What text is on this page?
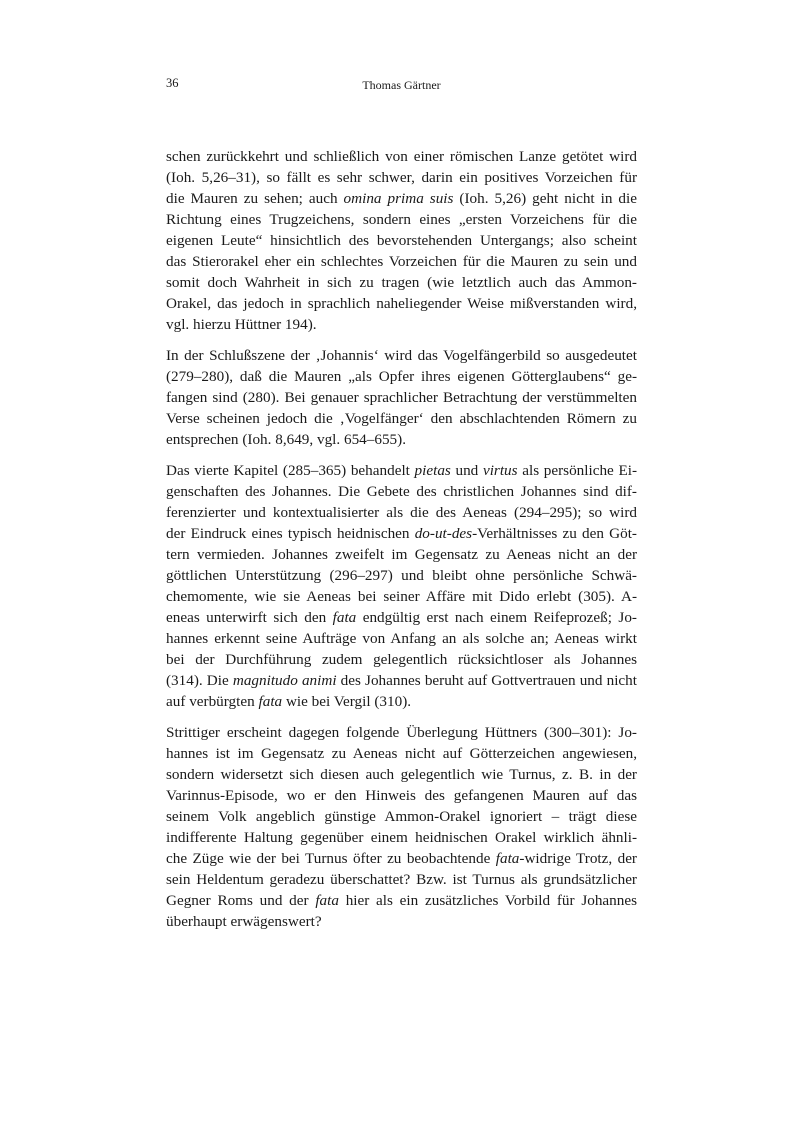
36	Thomas Gärtner
schen zurückkehrt und schließlich von einer römischen Lanze getötet wird
(Ioh. 5,26–31), so fällt es sehr schwer, darin ein positives Vorzeichen für
die Mauren zu sehen; auch omina prima suis (Ioh. 5,26) geht nicht in die
Richtung eines Trugzeichens, sondern eines „ersten Vorzeichens für die
eigenen Leute“ hinsichtlich des bevorstehenden Untergangs; also scheint
das Stierorakel eher ein schlechtes Vorzeichen für die Mauren zu sein und
somit doch Wahrheit in sich zu tragen (wie letztlich auch das Ammon-
Orakel, das jedoch in sprachlich naheliegender Weise mißverstanden wird,
vgl. hierzu Hüttner 194).
In der Schlußszene der ‚Johannis‘ wird das Vogelfängerbild so ausgedeutet
(279–280), daß die Mauren „als Opfer ihres eigenen Götterglaubens“ ge-
fangen sind (280). Bei genauer sprachlicher Betrachtung der verstümmelten
Verse scheinen jedoch die ‚Vogelfänger‘ den abschlachtenden Römern zu
entsprechen (Ioh. 8,649, vgl. 654–655).
Das vierte Kapitel (285–365) behandelt pietas und virtus als persönliche Ei-
genschaften des Johannes. Die Gebete des christlichen Johannes sind dif-
ferenzierter und kontextualisierter als die des Aeneas (294–295); so wird
der Eindruck eines typisch heidnischen do-ut-des-Verhältnisses zu den Göt-
tern vermieden. Johannes zweifelt im Gegensatz zu Aeneas nicht an der
göttlichen Unterstützung (296–297) und bleibt ohne persönliche Schwä-
chemomente, wie sie Aeneas bei seiner Affäre mit Dido erlebt (305). A-
eneas unterwirft sich den fata endgültig erst nach einem Reifeprozeß; Jo-
hannes erkennt seine Aufträge von Anfang an als solche an; Aeneas wirkt
bei der Durchführung zudem gelegentlich rücksichtloser als Johannes
(314). Die magnitudo animi des Johannes beruht auf Gottvertrauen und nicht
auf verbürgten fata wie bei Vergil (310).
Strittiger erscheint dagegen folgende Überlegung Hüttners (300–301): Jo-
hannes ist im Gegensatz zu Aeneas nicht auf Götterzeichen angewiesen,
sondern widersetzt sich diesen auch gelegentlich wie Turnus, z. B. in der
Varinnus-Episode, wo er den Hinweis des gefangenen Mauren auf das
seinem Volk angeblich günstige Ammon-Orakel ignoriert – trägt diese
indifferente Haltung gegenüber einem heidnischen Orakel wirklich ähnli-
che Züge wie der bei Turnus öfter zu beobachtende fata-widrige Trotz, der
sein Heldentum geradezu überschattet? Bzw. ist Turnus als grundsätzlicher
Gegner Roms und der fata hier als ein zusätzliches Vorbild für Johannes
überhaupt erwägenswert?
